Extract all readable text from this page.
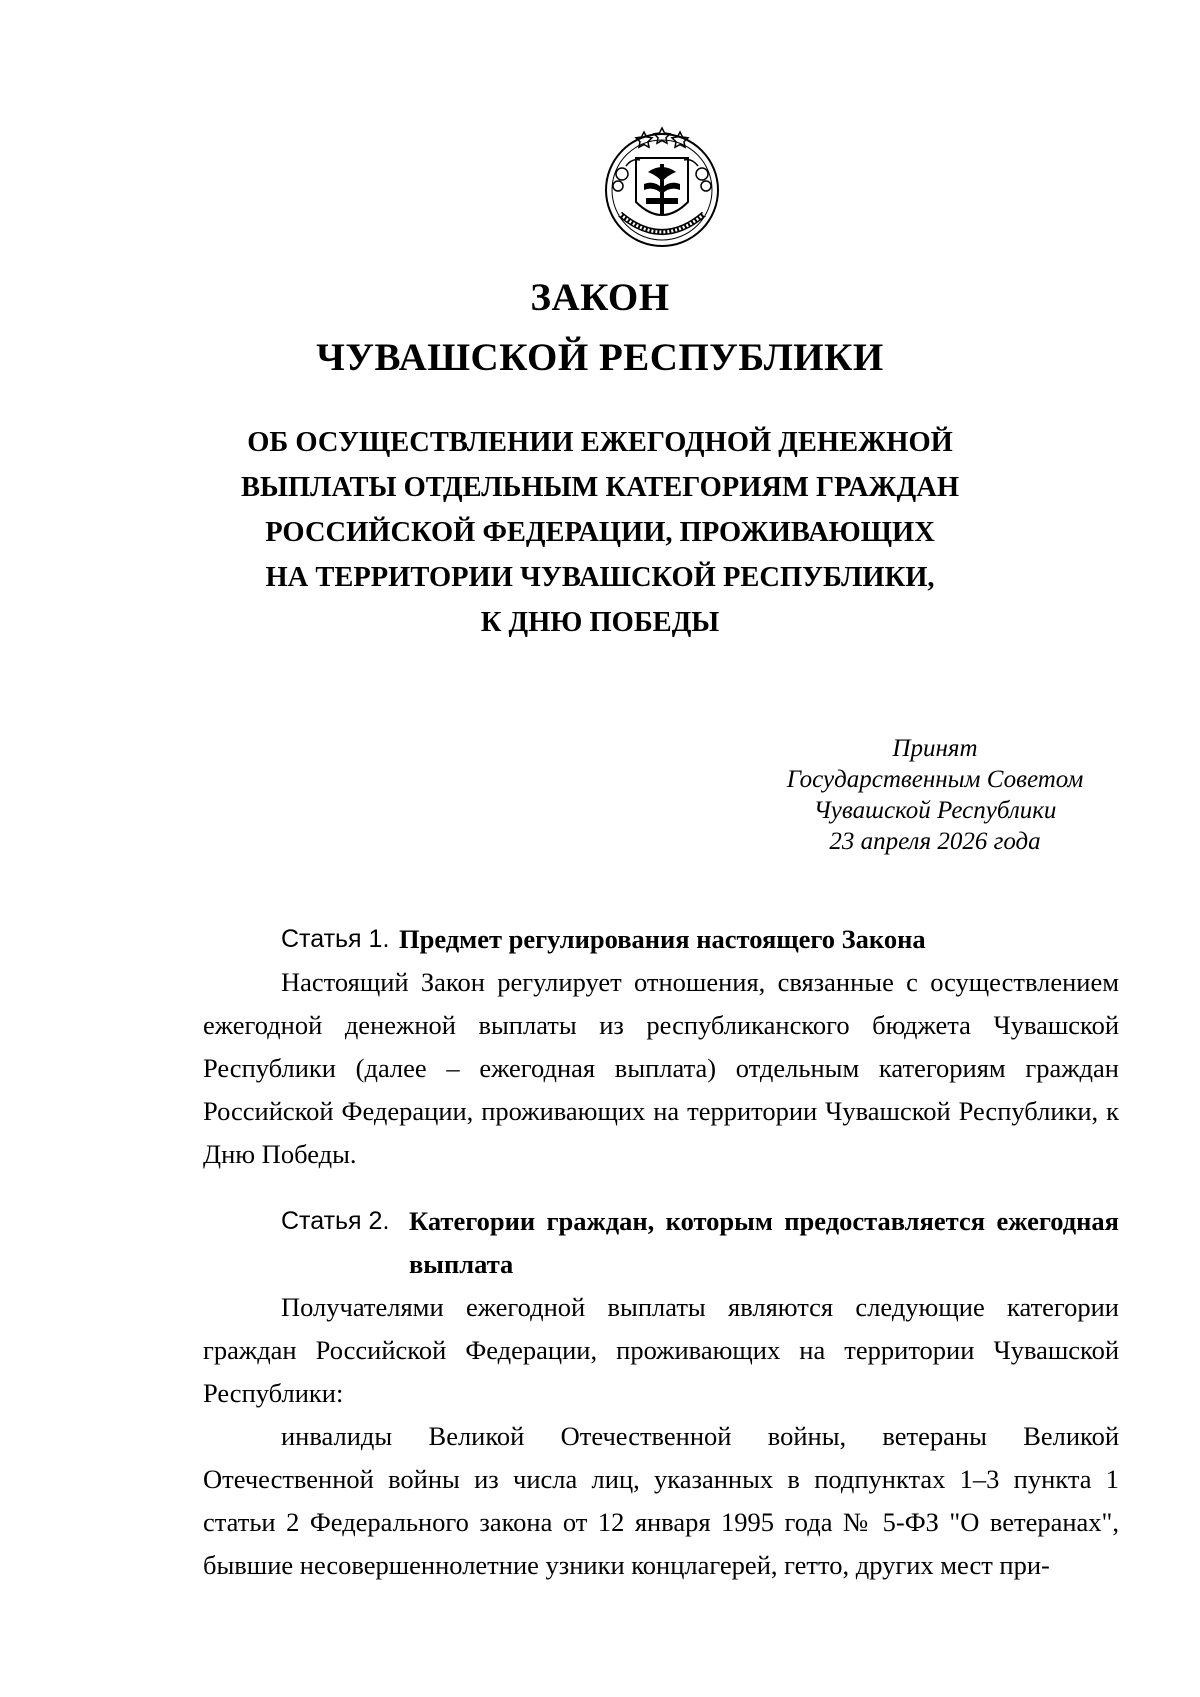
ЗАКОН
ЧУВАШСКОЙ РЕСПУБЛИКИ
ОБ ОСУЩЕСТВЛЕНИИ ЕЖЕГОДНОЙ ДЕНЕЖНОЙ
ВЫПЛАТЫ ОТДЕЛЬНЫМ КАТЕГОРИЯМ ГРАЖДАН
РОССИЙСКОЙ ФЕДЕРАЦИИ, ПРОЖИВАЮЩИХ
НА ТЕРРИТОРИИ ЧУВАШСКОЙ РЕСПУБЛИКИ,
К ДНЮ ПОБЕДЫ
Принят
Государственным Советом
Чувашской Республики
23 апреля 2026 года

Статья 1. Предмет регулирования настоящего Закона

Настоящий Закон регулирует отношения, связанные с осуществлением ежегодной денежной выплаты из республиканского бюджета Чувашской Республики (далее – ежегодная выплата) отдельным категориям граждан Российской Федерации, проживающих на территории Чувашской Республики, к Дню Победы.

Статья 2. Категории граждан, которым предоставляется ежегодная выплата

Получателями ежегодной выплаты являются следующие категории граждан Российской Федерации, проживающих на территории Чувашской Республики:

инвалиды Великой Отечественной войны, ветераны Великой Отечественной войны из числа лиц, указанных в подпунктах 1–3 пункта 1 статьи 2 Федерального закона от 12 января 1995 года № 5-ФЗ "О ветеранах", бывшие несовершеннолетние узники концлагерей, гетто, других мест при-
